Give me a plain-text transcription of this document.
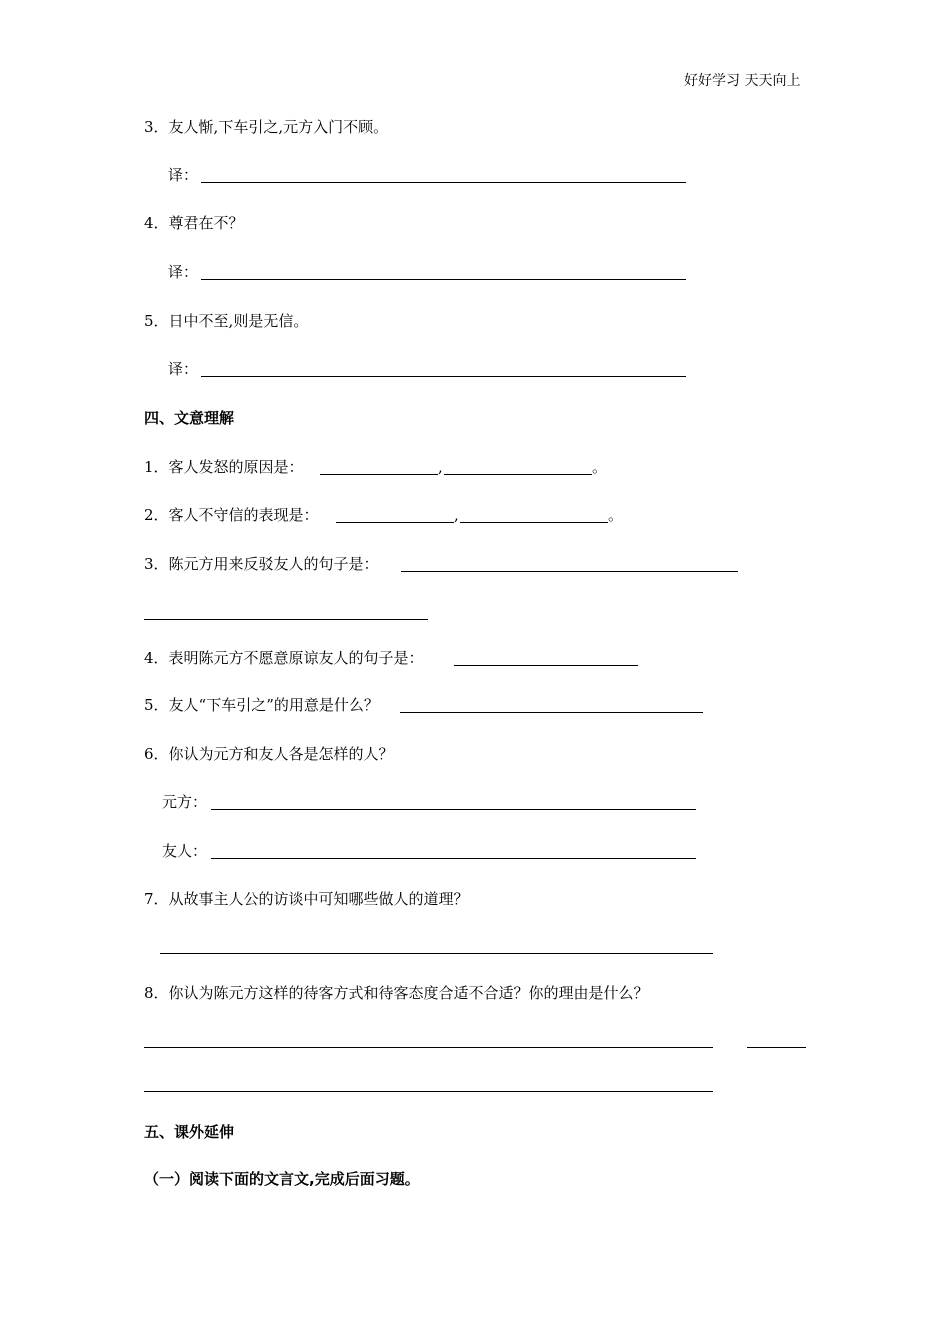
好好学习 天天向上
3．友人惭,下车引之,元方入门不顾。
译：
4．尊君在不？
译：
5．日中不至,则是无信。
译：
四、文意理解
1．客人发怒的原因是：	,	。
2．客人不守信的表现是：	,	。
3．陈元方用来反驳友人的句子是：
4．表明陈元方不愿意原谅友人的句子是：
5．友人“下车引之”的用意是什么？
6．你认为元方和友人各是怎样的人？
元方：
友人：
7．从故事主人公的访谈中可知哪些做人的道理？
8．你认为陈元方这样的待客方式和待客态度合适不合适？你的理由是什么？
五、课外延伸
（一）阅读下面的文言文,完成后面习题。
